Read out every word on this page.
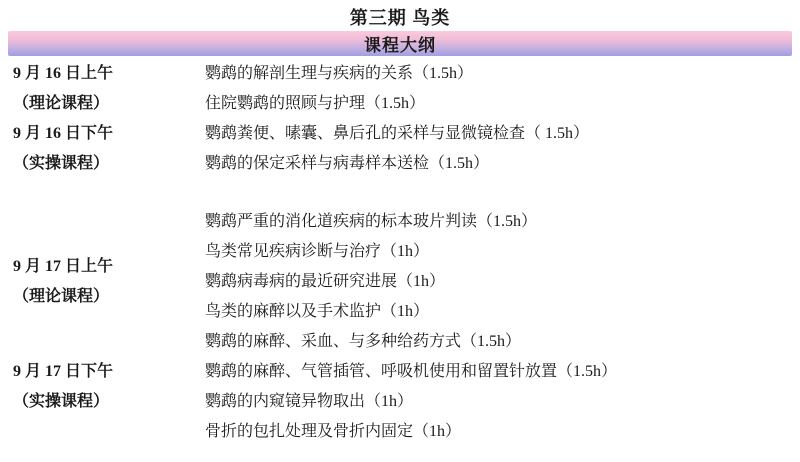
第三期 鸟类
课程大纲
9 月 16 日上午
（理论课程）
鹦鹉的解剖生理与疾病的关系（1.5h）
住院鹦鹉的照顾与护理（1.5h）
9 月 16 日下午
（实操课程）
鹦鹉粪便、嗉囊、鼻后孔的采样与显微镜检查（ 1.5h）
鹦鹉的保定采样与病毒样本送检（1.5h）
9 月 17 日上午
（理论课程）
鹦鹉严重的消化道疾病的标本玻片判读（1.5h）
鸟类常见疾病诊断与治疗（1h）
鹦鹉病毒病的最近研究进展（1h）
鸟类的麻醉以及手术监护（1h）
鹦鹉的麻醉、采血、与多种给药方式（1.5h）
9 月 17 日下午
（实操课程）
鹦鹉的麻醉、气管插管、呼吸机使用和留置针放置（1.5h）
鹦鹉的内窥镜异物取出（1h）
骨折的包扎处理及骨折内固定（1h）
